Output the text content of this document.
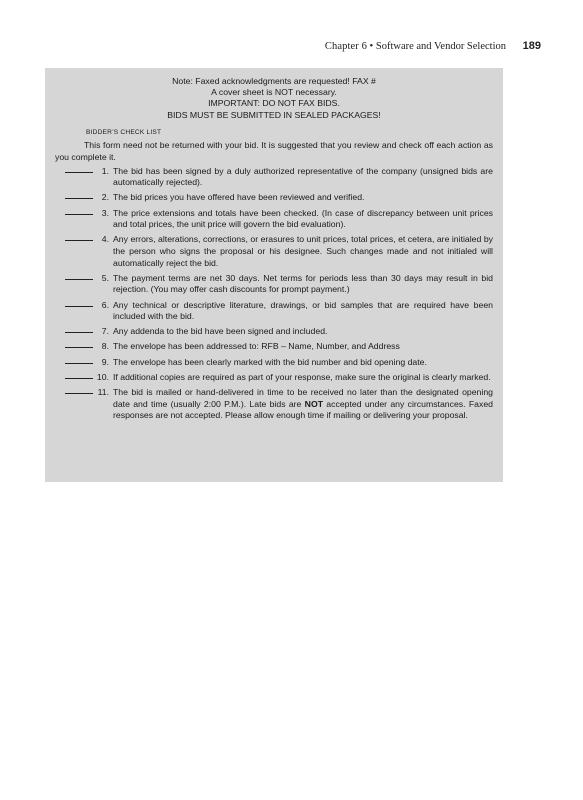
Chapter 6 • Software and Vendor Selection 189
Note: Faxed acknowledgments are requested! FAX #
A cover sheet is NOT necessary.
IMPORTANT: DO NOT FAX BIDS.
BIDS MUST BE SUBMITTED IN SEALED PACKAGES!
BIDDER’S CHECK LIST

This form need not be returned with your bid. It is suggested that you review and check off each action as you complete it.

1. The bid has been signed by a duly authorized representative of the company (unsigned bids are automatically rejected).
2. The bid prices you have offered have been reviewed and verified.
3. The price extensions and totals have been checked. (In case of discrepancy between unit prices and total prices, the unit price will govern the bid evaluation).
4. Any errors, alterations, corrections, or erasures to unit prices, total prices, et cetera, are initialed by the person who signs the proposal or his designee. Such changes made and not initialed will automatically reject the bid.
5. The payment terms are net 30 days. Net terms for periods less than 30 days may result in bid rejection. (You may offer cash discounts for prompt payment.)
6. Any technical or descriptive literature, drawings, or bid samples that are required have been included with the bid.
7. Any addenda to the bid have been signed and included.
8. The envelope has been addressed to: RFB – Name, Number, and Address
9. The envelope has been clearly marked with the bid number and bid opening date.
10. If additional copies are required as part of your response, make sure the original is clearly marked.
11. The bid is mailed or hand-delivered in time to be received no later than the designated opening date and time (usually 2:00 P.M.). Late bids are NOT accepted under any circumstances. Faxed responses are not accepted. Please allow enough time if mailing or delivering your proposal.
